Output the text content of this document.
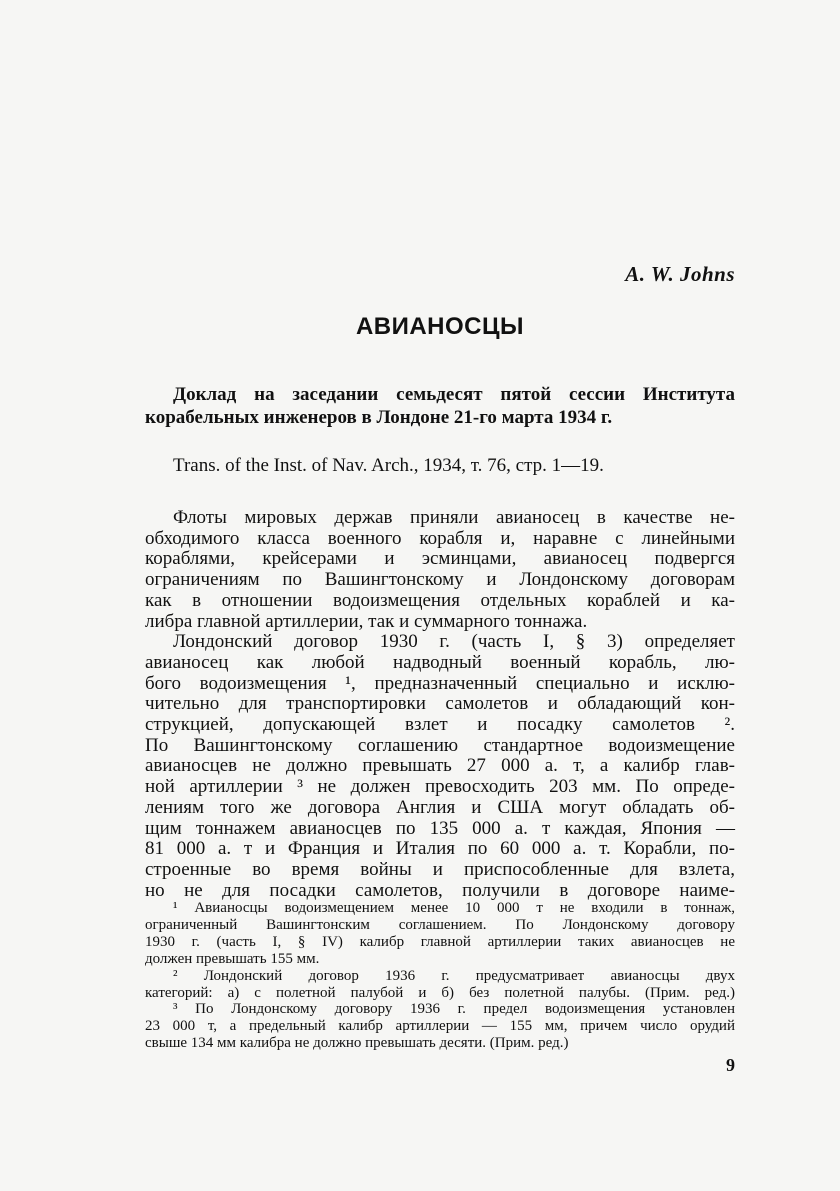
A. W. Johns
АВИАНОСЦЫ
Доклад на заседании семьдесят пятой сессии Института
корабельных инженеров в Лондоне 21-го марта 1934 г.
Trans. of the Inst. of Nav. Arch., 1934, т. 76, стр. 1—19.
Флоты мировых держав приняли авианосец в качестве не-
обходимого класса военного корабля и, наравне с линейными
кораблями, крейсерами и эсминцами, авианосец подвергся
ограничениям по Вашингтонскому и Лондонскому договорам
как в отношении водоизмещения отдельных кораблей и ка-
либра главной артиллерии, так и суммарного тоннажа.
Лондонский договор 1930 г. (часть I, § 3) определяет
авианосец как любой надводный военный корабль, лю-
бого водоизмещения ¹, предназначенный специально и исклю-
чительно для транспортировки самолетов и обладающий кон-
струкцией, допускающей взлет и посадку самолетов ².
По Вашингтонскому соглашению стандартное водоизмещение
авианосцев не должно превышать 27 000 а. т, а калибр глав-
ной артиллерии ³ не должен превосходить 203 мм. По опреде-
лениям того же договора Англия и США могут обладать об-
щим тоннажем авианосцев по 135 000 а. т каждая, Япония —
81 000 а. т и Франция и Италия по 60 000 а. т. Корабли, по-
строенные во время войны и приспособленные для взлета,
но не для посадки самолетов, получили в договоре наиме-
¹ Авианосцы водоизмещением менее 10 000 т не входили в тоннаж,
ограниченный Вашингтонским соглашением. По Лондонскому договору
1930 г. (часть I, § IV) калибр главной артиллерии таких авианосцев не
должен превышать 155 мм.
² Лондонский договор 1936 г. предусматривает авианосцы двух
категорий: а) с полетной палубой и б) без полетной палубы. (Прим. ред.)
³ По Лондонскому договору 1936 г. предел водоизмещения установлен
23 000 т, а предельный калибр артиллерии — 155 мм, причем число орудий
свыше 134 мм калибра не должно превышать десяти. (Прим. ред.)
9
